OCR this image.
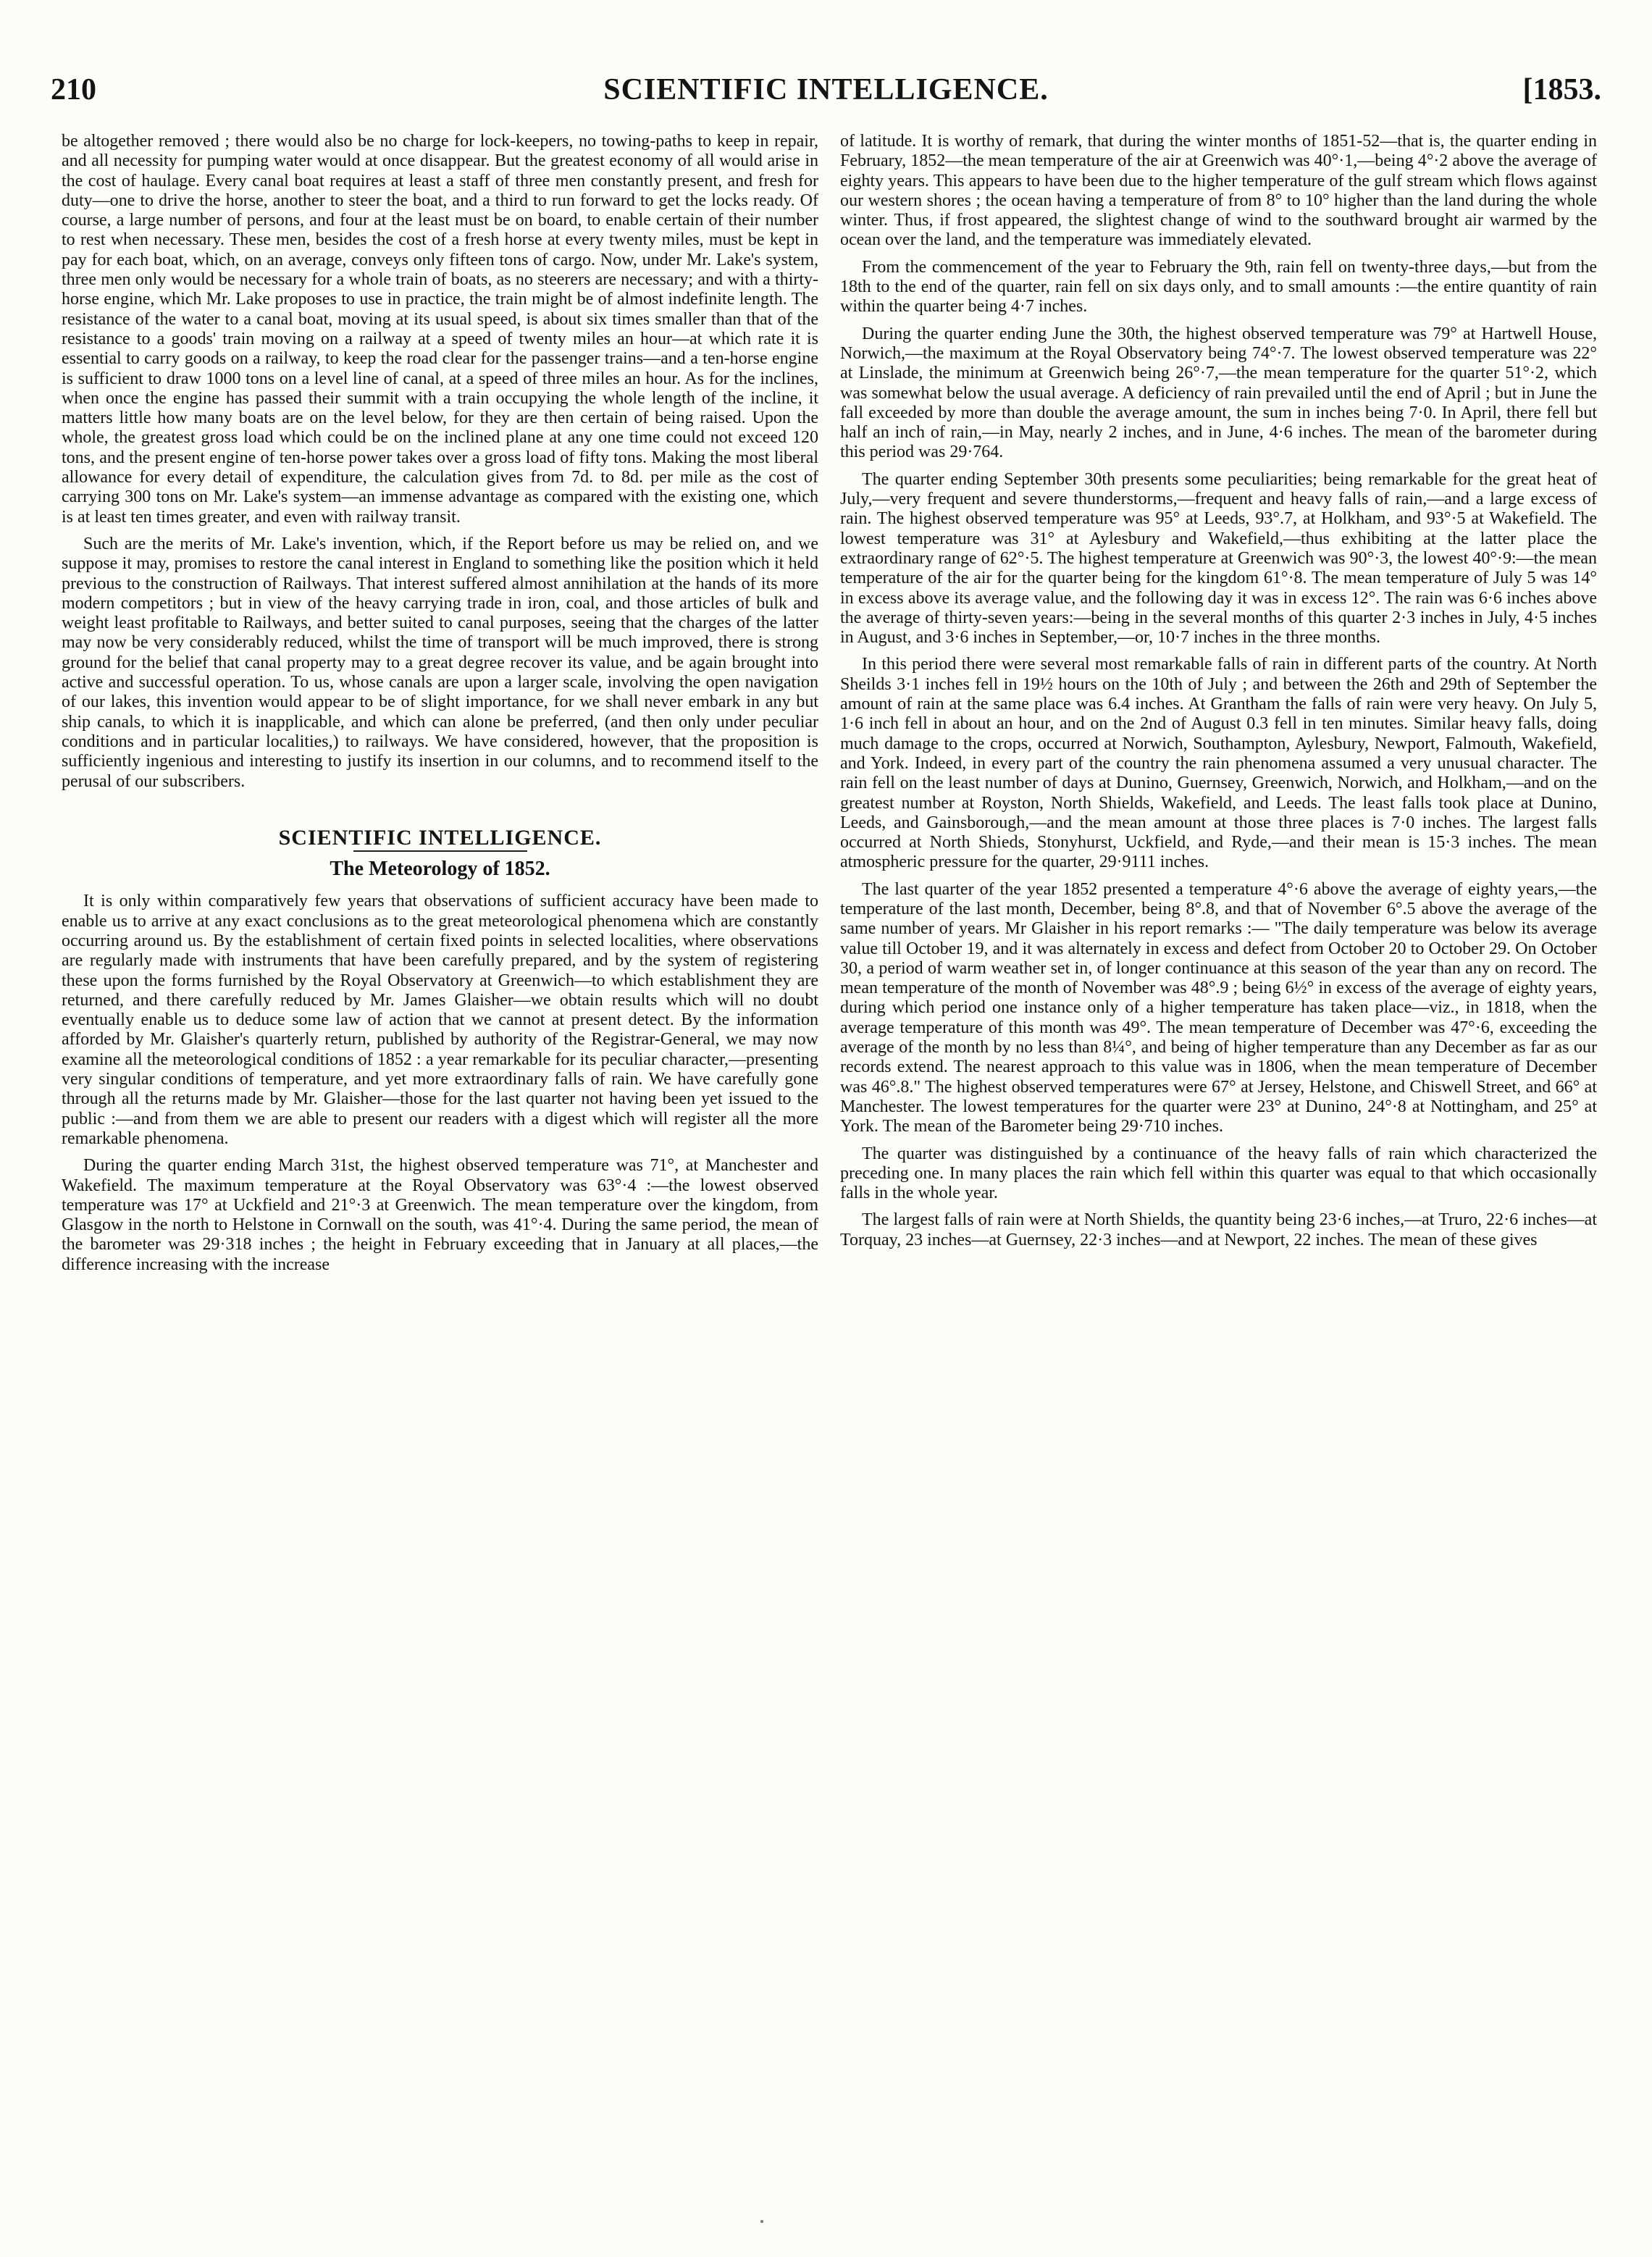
210	SCIENTIFIC INTELLIGENCE.	[1853.

be altogether removed ; there would also be no charge for lock-keepers, no towing-paths to keep in repair, and all necessity for pumping water would at once disappear. But the greatest economy of all would arise in the cost of haulage. Every canal boat requires at least a staff of three men constantly present, and fresh for duty—one to drive the horse, another to steer the boat, and a third to run forward to get the locks ready. Of course, a large number of persons, and four at the least must be on board, to enable certain of their number to rest when necessary. These men, besides the cost of a fresh horse at every twenty miles, must be kept in pay for each boat, which, on an average, conveys only fifteen tons of cargo. Now, under Mr. Lake's system, three men only would be necessary for a whole train of boats, as no steerers are necessary; and with a thirty-horse engine, which Mr. Lake proposes to use in practice, the train might be of almost indefinite length. The resistance of the water to a canal boat, moving at its usual speed, is about six times smaller than that of the resistance to a goods' train moving on a railway at a speed of twenty miles an hour—at which rate it is essential to carry goods on a railway, to keep the road clear for the passenger trains—and a ten-horse engine is sufficient to draw 1000 tons on a level line of canal, at a speed of three miles an hour. As for the inclines, when once the engine has passed their summit with a train occupying the whole length of the incline, it matters little how many boats are on the level below, for they are then certain of being raised. Upon the whole, the greatest gross load which could be on the inclined plane at any one time could not exceed 120 tons, and the present engine of ten-horse power takes over a gross load of fifty tons. Making the most liberal allowance for every detail of expenditure, the calculation gives from 7d. to 8d. per mile as the cost of carrying 300 tons on Mr. Lake's system—an immense advantage as compared with the existing one, which is at least ten times greater, and even with railway transit.

Such are the merits of Mr. Lake's invention, which, if the Report before us may be relied on, and we suppose it may, promises to restore the canal interest in England to something like the position which it held previous to the construction of Railways. That interest suffered almost annihilation at the hands of its more modern competitors ; but in view of the heavy carrying trade in iron, coal, and those articles of bulk and weight least profitable to Railways, and better suited to canal purposes, seeing that the charges of the latter may now be very considerably reduced, whilst the time of transport will be much improved, there is strong ground for the belief that canal property may to a great degree recover its value, and be again brought into active and successful operation. To us, whose canals are upon a larger scale, involving the open navigation of our lakes, this invention would appear to be of slight importance, for we shall never embark in any but ship canals, to which it is inapplicable, and which can alone be preferred, (and then only under peculiar conditions and in particular localities,) to railways. We have considered, however, that the proposition is sufficiently ingenious and interesting to justify its insertion in our columns, and to recommend itself to the perusal of our subscribers.

SCIENTIFIC INTELLIGENCE.
The Meteorology of 1852.

It is only within comparatively few years that observations of sufficient accuracy have been made to enable us to arrive at any exact conclusions as to the great meteorological phenomena which are constantly occurring around us. By the establishment of certain fixed points in selected localities, where observations are regularly made with instruments that have been carefully prepared, and by the system of registering these upon the forms furnished by the Royal Observatory at Greenwich—to which establishment they are returned, and there carefully reduced by Mr. James Glaisher—we obtain results which will no doubt eventually enable us to deduce some law of action that we cannot at present detect. By the information afforded by Mr. Glaisher's quarterly return, published by authority of the Registrar-General, we may now examine all the meteorological conditions of 1852 : a year remarkable for its peculiar character,—presenting very singular conditions of temperature, and yet more extraordinary falls of rain. We have carefully gone through all the returns made by Mr. Glaisher—those for the last quarter not having been yet issued to the public :—and from them we are able to present our readers with a digest which will register all the more remarkable phenomena.

During the quarter ending March 31st, the highest observed temperature was 71°, at Manchester and Wakefield. The maximum temperature at the Royal Observatory was 63°·4 :—the lowest observed temperature was 17° at Uckfield and 21°·3 at Greenwich. The mean temperature over the kingdom, from Glasgow in the north to Helstone in Cornwall on the south, was 41°·4. During the same period, the mean of the barometer was 29·318 inches ; the height in February exceeding that in January at all places,—the difference increasing with the increase

of latitude. It is worthy of remark, that during the winter months of 1851-52—that is, the quarter ending in February, 1852—the mean temperature of the air at Greenwich was 40°·1,—being 4°·2 above the average of eighty years. This appears to have been due to the higher temperature of the gulf stream which flows against our western shores ; the ocean having a temperature of from 8° to 10° higher than the land during the whole winter. Thus, if frost appeared, the slightest change of wind to the southward brought air warmed by the ocean over the land, and the temperature was immediately elevated.

From the commencement of the year to February the 9th, rain fell on twenty-three days,—but from the 18th to the end of the quarter, rain fell on six days only, and to small amounts :—the entire quantity of rain within the quarter being 4·7 inches.

During the quarter ending June the 30th, the highest observed temperature was 79° at Hartwell House, Norwich,—the maximum at the Royal Observatory being 74°·7. The lowest observed temperature was 22° at Linslade, the minimum at Greenwich being 26°·7,—the mean temperature for the quarter 51°·2, which was somewhat below the usual average. A deficiency of rain prevailed until the end of April ; but in June the fall exceeded by more than double the average amount, the sum in inches being 7·0. In April, there fell but half an inch of rain,—in May, nearly 2 inches, and in June, 4·6 inches. The mean of the barometer during this period was 29·764.

The quarter ending September 30th presents some peculiarities; being remarkable for the great heat of July,—very frequent and severe thunderstorms,—frequent and heavy falls of rain,—and a large excess of rain. The highest observed temperature was 95° at Leeds, 93°.7, at Holkham, and 93°·5 at Wakefield. The lowest temperature was 31° at Aylesbury and Wakefield,—thus exhibiting at the latter place the extraordinary range of 62°·5. The highest temperature at Greenwich was 90°·3, the lowest 40°·9:—the mean temperature of the air for the quarter being for the kingdom 61°·8. The mean temperature of July 5 was 14° in excess above its average value, and the following day it was in excess 12°. The rain was 6·6 inches above the average of thirty-seven years:—being in the several months of this quarter 2·3 inches in July, 4·5 inches in August, and 3·6 inches in September,—or, 10·7 inches in the three months.

In this period there were several most remarkable falls of rain in different parts of the country. At North Sheilds 3·1 inches fell in 19½ hours on the 10th of July ; and between the 26th and 29th of September the amount of rain at the same place was 6.4 inches. At Grantham the falls of rain were very heavy. On July 5, 1·6 inch fell in about an hour, and on the 2nd of August 0.3 fell in ten minutes. Similar heavy falls, doing much damage to the crops, occurred at Norwich, Southampton, Aylesbury, Newport, Falmouth, Wakefield, and York. Indeed, in every part of the country the rain phenomena assumed a very unusual character. The rain fell on the least number of days at Dunino, Guernsey, Greenwich, Norwich, and Holkham,—and on the greatest number at Royston, North Shields, Wakefield, and Leeds. The least falls took place at Dunino, Leeds, and Gainsborough,—and the mean amount at those three places is 7·0 inches. The largest falls occurred at North Shieds, Stonyhurst, Uckfield, and Ryde,—and their mean is 15·3 inches. The mean atmospheric pressure for the quarter, 29·9111 inches.

The last quarter of the year 1852 presented a temperature 4°·6 above the average of eighty years,—the temperature of the last month, December, being 8°.8, and that of November 6°.5 above the average of the same number of years. Mr Glaisher in his report remarks :— "The daily temperature was below its average value till October 19, and it was alternately in excess and defect from October 20 to October 29. On October 30, a period of warm weather set in, of longer continuance at this season of the year than any on record. The mean temperature of the month of November was 48°.9 ; being 6½° in excess of the average of eighty years, during which period one instance only of a higher temperature has taken place—viz., in 1818, when the average temperature of this month was 49°. The mean temperature of December was 47°·6, exceeding the average of the month by no less than 8¼°, and being of higher temperature than any December as far as our records extend. The nearest approach to this value was in 1806, when the mean temperature of December was 46°.8." The highest observed temperatures were 67° at Jersey, Helstone, and Chiswell Street, and 66° at Manchester. The lowest temperatures for the quarter were 23° at Dunino, 24°·8 at Nottingham, and 25° at York. The mean of the Barometer being 29·710 inches.

The quarter was distinguished by a continuance of the heavy falls of rain which characterized the preceding one. In many places the rain which fell within this quarter was equal to that which occasionally falls in the whole year.

The largest falls of rain were at North Shields, the quantity being 23·6 inches,—at Truro, 22·6 inches—at Torquay, 23 inches—at Guernsey, 22·3 inches—and at Newport, 22 inches. The mean of these gives
